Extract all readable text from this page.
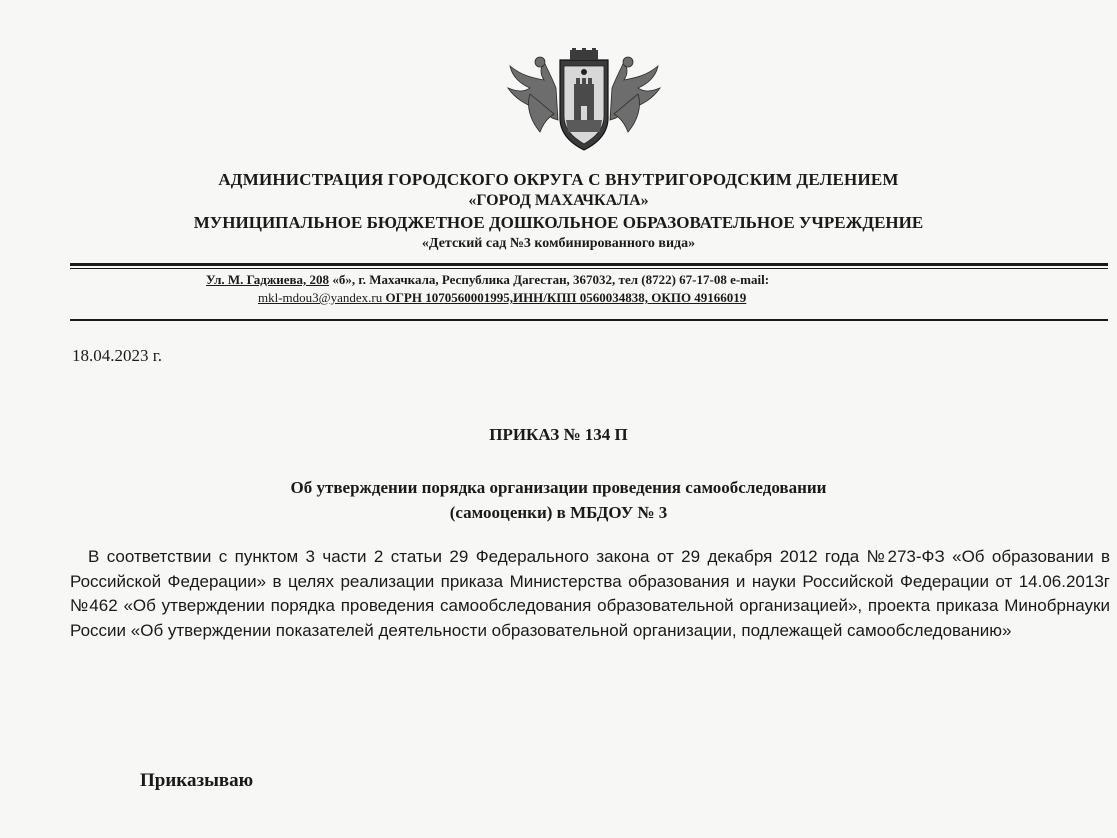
АДМИНИСТРАЦИЯ ГОРОДСКОГО ОКРУГА С ВНУТРИГОРОДСКИМ ДЕЛЕНИЕМ
«ГОРОД МАХАЧКАЛА»
МУНИЦИПАЛЬНОЕ БЮДЖЕТНОЕ ДОШКОЛЬНОЕ ОБРАЗОВАТЕЛЬНОЕ УЧРЕЖДЕНИЕ
«Детский сад №3 комбинированного вида»
Ул. М. Гаджиева, 208 «б», г. Махачкала, Республика Дагестан, 367032, тел (8722) 67-17-08 e-mail:
mkl-mdou3@yandex.ru ОГРН 1070560001995,ИНН/КПП 0560034838, ОКПО 49166019
18.04.2023 г.
ПРИКАЗ № 134 П
Об утверждении порядка организации проведения самообследовании
(самооценки) в МБДОУ № 3
В соответствии с пунктом 3 части 2 статьи 29 Федерального закона от 29 декабря 2012 года №273-ФЗ «Об образовании в Российской Федерации» в целях реализации приказа Министерства образования и науки Российской Федерации от 14.06.2013г №462 «Об утверждении порядка проведения самообследования образовательной организацией», проекта приказа Минобрнауки России «Об утверждении показателей деятельности образовательной организации, подлежащей самообследованию»
Приказываю
